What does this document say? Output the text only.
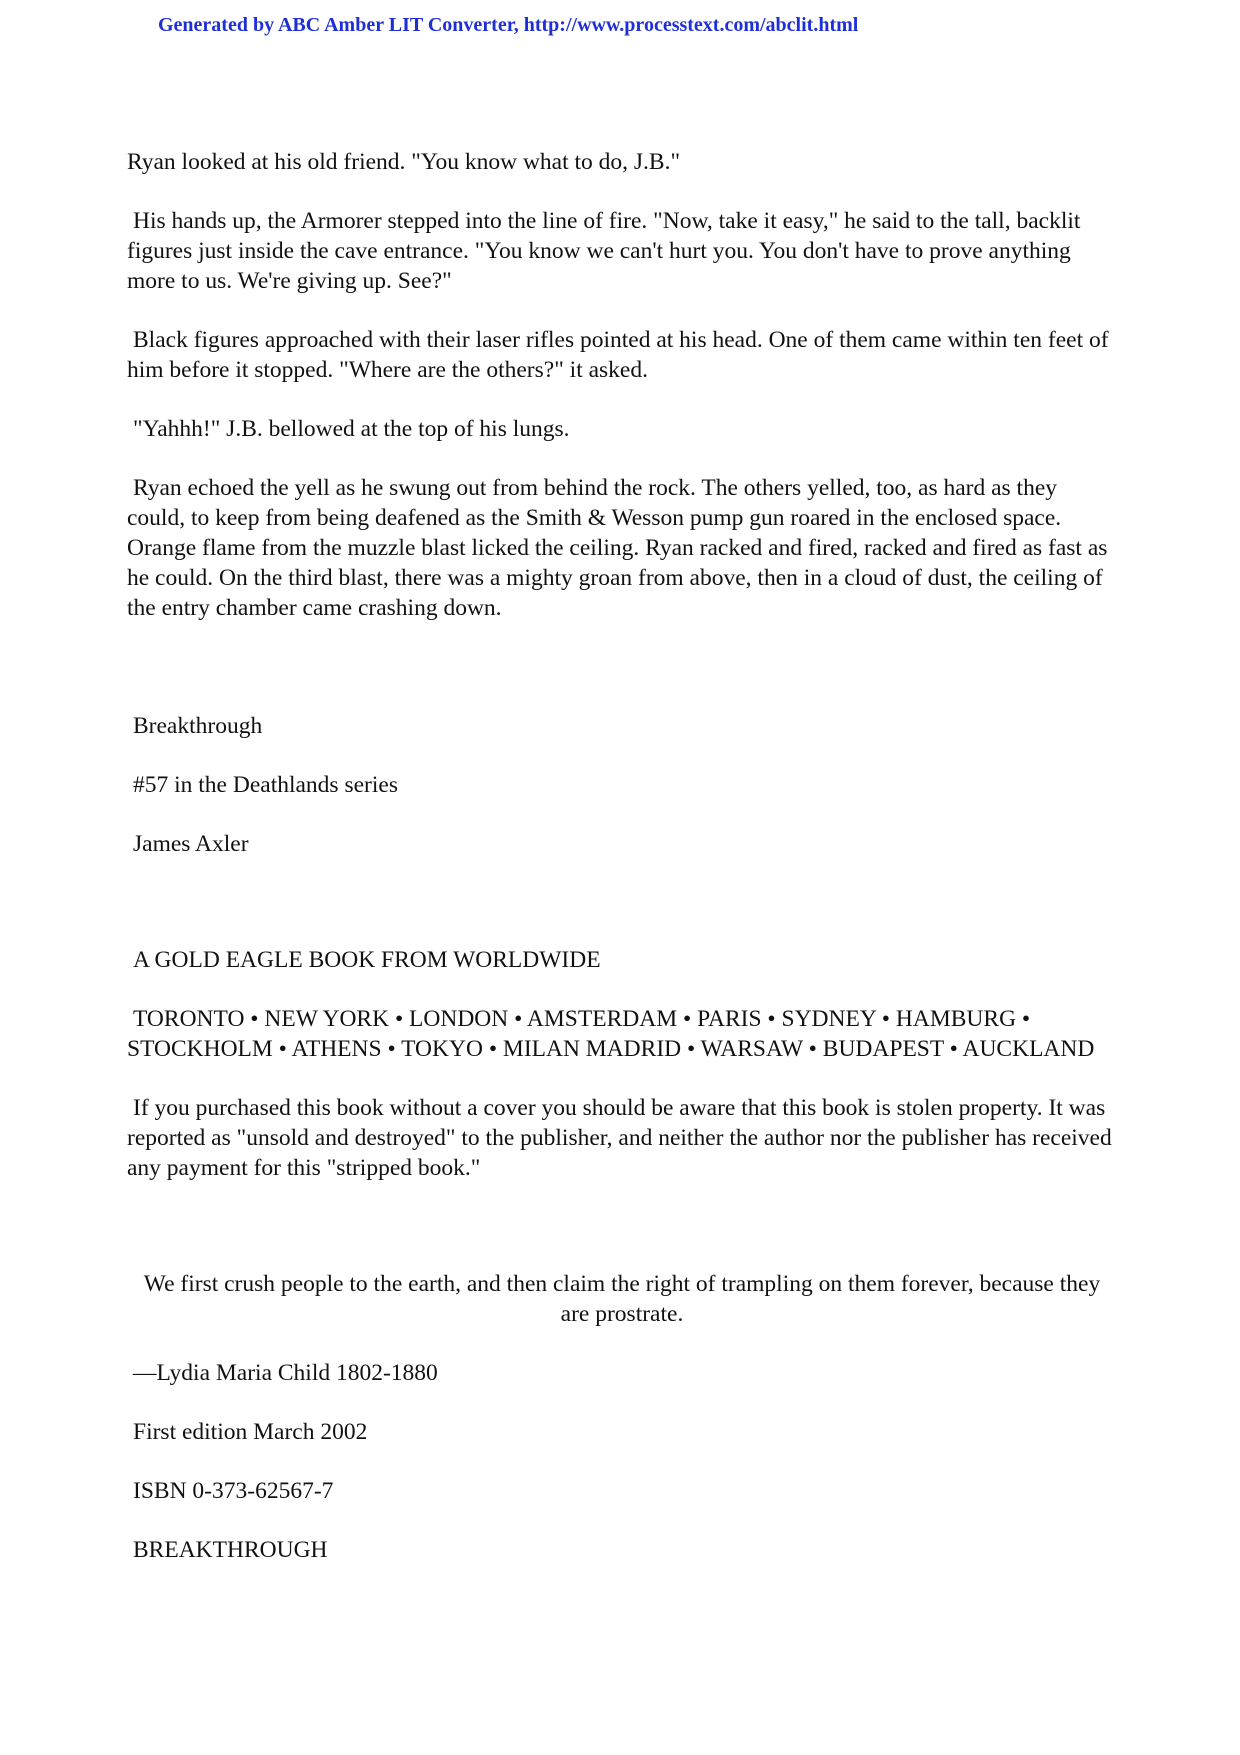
Generated by ABC Amber LIT Converter, http://www.processtext.com/abclit.html

Ryan looked at his old friend. "You know what to do, J.B."

His hands up, the Armorer stepped into the line of fire. "Now, take it easy," he said to the tall, backlit figures just inside the cave entrance. "You know we can't hurt you. You don't have to prove anything more to us. We're giving up. See?"

Black figures approached with their laser rifles pointed at his head. One of them came within ten feet of him before it stopped. "Where are the others?" it asked.

"Yahhh!" J.B. bellowed at the top of his lungs.

Ryan echoed the yell as he swung out from behind the rock. The others yelled, too, as hard as they could, to keep from being deafened as the Smith & Wesson pump gun roared in the enclosed space. Orange flame from the muzzle blast licked the ceiling. Ryan racked and fired, racked and fired as fast as he could. On the third blast, there was a mighty groan from above, then in a cloud of dust, the ceiling of the entry chamber came crashing down.

Breakthrough

#57 in the Deathlands series

James Axler

A GOLD EAGLE BOOK FROM WORLDWIDE

TORONTO • NEW YORK • LONDON • AMSTERDAM • PARIS • SYDNEY • HAMBURG • STOCKHOLM • ATHENS • TOKYO • MILAN MADRID • WARSAW • BUDAPEST • AUCKLAND

If you purchased this book without a cover you should be aware that this book is stolen property. It was reported as "unsold and destroyed" to the publisher, and neither the author nor the publisher has received any payment for this "stripped book."

We first crush people to the earth, and then claim the right of trampling on them forever, because they are prostrate.

—Lydia Maria Child 1802-1880

First edition March 2002

ISBN 0-373-62567-7

BREAKTHROUGH
